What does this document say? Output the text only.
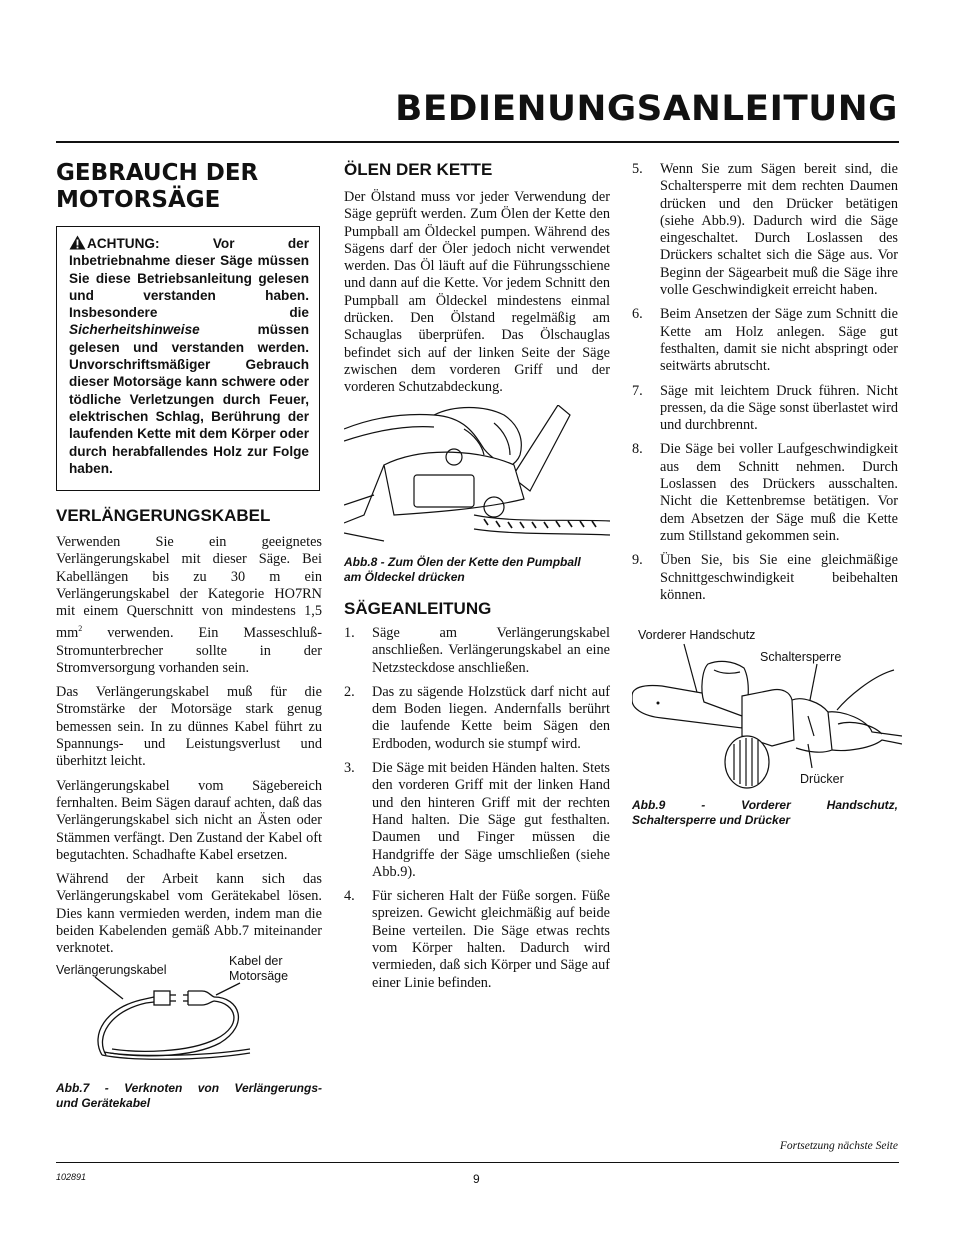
BEDIENUNGSANLEITUNG
GEBRAUCH DER
MOTORSÄGE
ACHTUNG: Vor der Inbetriebnahme dieser Säge müssen Sie diese Betriebsanleitung gelesen und verstanden haben. Insbesondere die Sicherheitshinweise müssen gelesen und verstanden werden. Unvorschriftsmäßiger Gebrauch dieser Motorsäge kann schwere oder tödliche Verletzungen durch Feuer, elektrischen Schlag, Berührung der laufenden Kette mit dem Körper oder durch herabfallendes Holz zur Folge haben.
VERLÄNGERUNGSKABEL

Verwenden Sie ein geeignetes Verlängerungskabel mit dieser Säge. Bei Kabellängen bis zu 30 m ein Verlängerungskabel der Kategorie HO7RN mit einem Querschnitt von mindestens 1,5 $mm^2$ verwenden. Ein Masseschluß-Stromunterbrecher sollte in der Stromversorgung vorhanden sein.

Das Verlängerungskabel muß für die Stromstärke der Motorsäge stark genug bemessen sein. In zu dünnes Kabel führt zu Spannungs- und Leistungsverlust und überhitzt leicht.

Verlängerungskabel vom Sägebereich fernhalten. Beim Sägen darauf achten, daß das Verlängerungskabel sich nicht an Ästen oder Stämmen verfängt. Den Zustand der Kabel oft begutachten. Schadhafte Kabel ersetzen.

Während der Arbeit kann sich das Verlängerungskabel vom Gerätekabel lösen. Dies kann vermieden werden, indem man die beiden Kabelenden gemäß Abb.7 miteinander verknotet.

Verlängerungskabel
Kabel der
Motorsäge
Abb.7 - Verknoten von Verlängerungs-
und Gerätekabel
ÖLEN DER KETTE
Der Ölstand muss vor jeder Verwendung der Säge geprüft werden. Zum Ölen der Kette den Pumpball am Öldeckel pumpen. Während des Sägens darf der Öler jedoch nicht verwendet werden. Das Öl läuft auf die Führungsschiene und dann auf die Kette. Vor jedem Schnitt den Pumpball am Öldeckel mindestens einmal drücken. Den Ölstand regelmäßig am Schauglas überprüfen. Das Ölschauglas befindet sich auf der linken Seite der Säge zwischen dem vorderen Griff und der vorderen Schutzabdeckung.
Abb.8 - Zum Ölen der Kette den Pumpball
am Öldeckel drücken
SÄGEANLEITUNG
1. Säge am Verlängerungskabel anschließen. Verlängerungskabel an eine Netzsteckdose anschließen.
2. Das zu sägende Holzstück darf nicht auf dem Boden liegen. Andernfalls berührt die laufende Kette beim Sägen den Erdboden, wodurch sie stumpf wird.
3. Die Säge mit beiden Händen halten. Stets den vorderen Griff mit der linken Hand und den hinteren Griff mit der rechten Hand halten. Die Säge gut festhalten. Daumen und Finger müssen die Handgriffe der Säge umschließen (siehe Abb.9).
4. Für sicheren Halt der Füße sorgen. Füße spreizen. Gewicht gleichmäßig auf beide Beine verteilen. Die Säge etwas rechts vom Körper halten. Dadurch wird vermieden, daß sich Körper und Säge auf einer Linie befinden.
5. Wenn Sie zum Sägen bereit sind, die Schaltersperre mit dem rechten Daumen drücken und den Drücker betätigen (siehe Abb.9). Dadurch wird die Säge eingeschaltet. Durch Loslassen des Drückers schaltet sich die Säge aus. Vor Beginn der Sägearbeit muß die Säge ihre volle Geschwindigkeit erreicht haben.
6. Beim Ansetzen der Säge zum Schnitt die Kette am Holz anlegen. Säge gut festhalten, damit sie nicht abspringt oder seitwärts abrutscht.
7. Säge mit leichtem Druck führen. Nicht pressen, da die Säge sonst überlastet wird und durchbrennt.
8. Die Säge bei voller Laufgeschwindigkeit aus dem Schnitt nehmen. Durch Loslassen des Drückers ausschalten. Nicht die Kettenbremse betätigen. Vor dem Absetzen der Säge muß die Kette zum Stillstand gekommen sein.
9. Üben Sie, bis Sie eine gleichmäßige Schnittgeschwindigkeit beibehalten können.
Vorderer Handschutz
Schaltersperre
Drücker
Abb.9 - Vorderer Handschutz,
Schaltersperre und Drücker
Fortsetzung nächste Seite
102891	9
